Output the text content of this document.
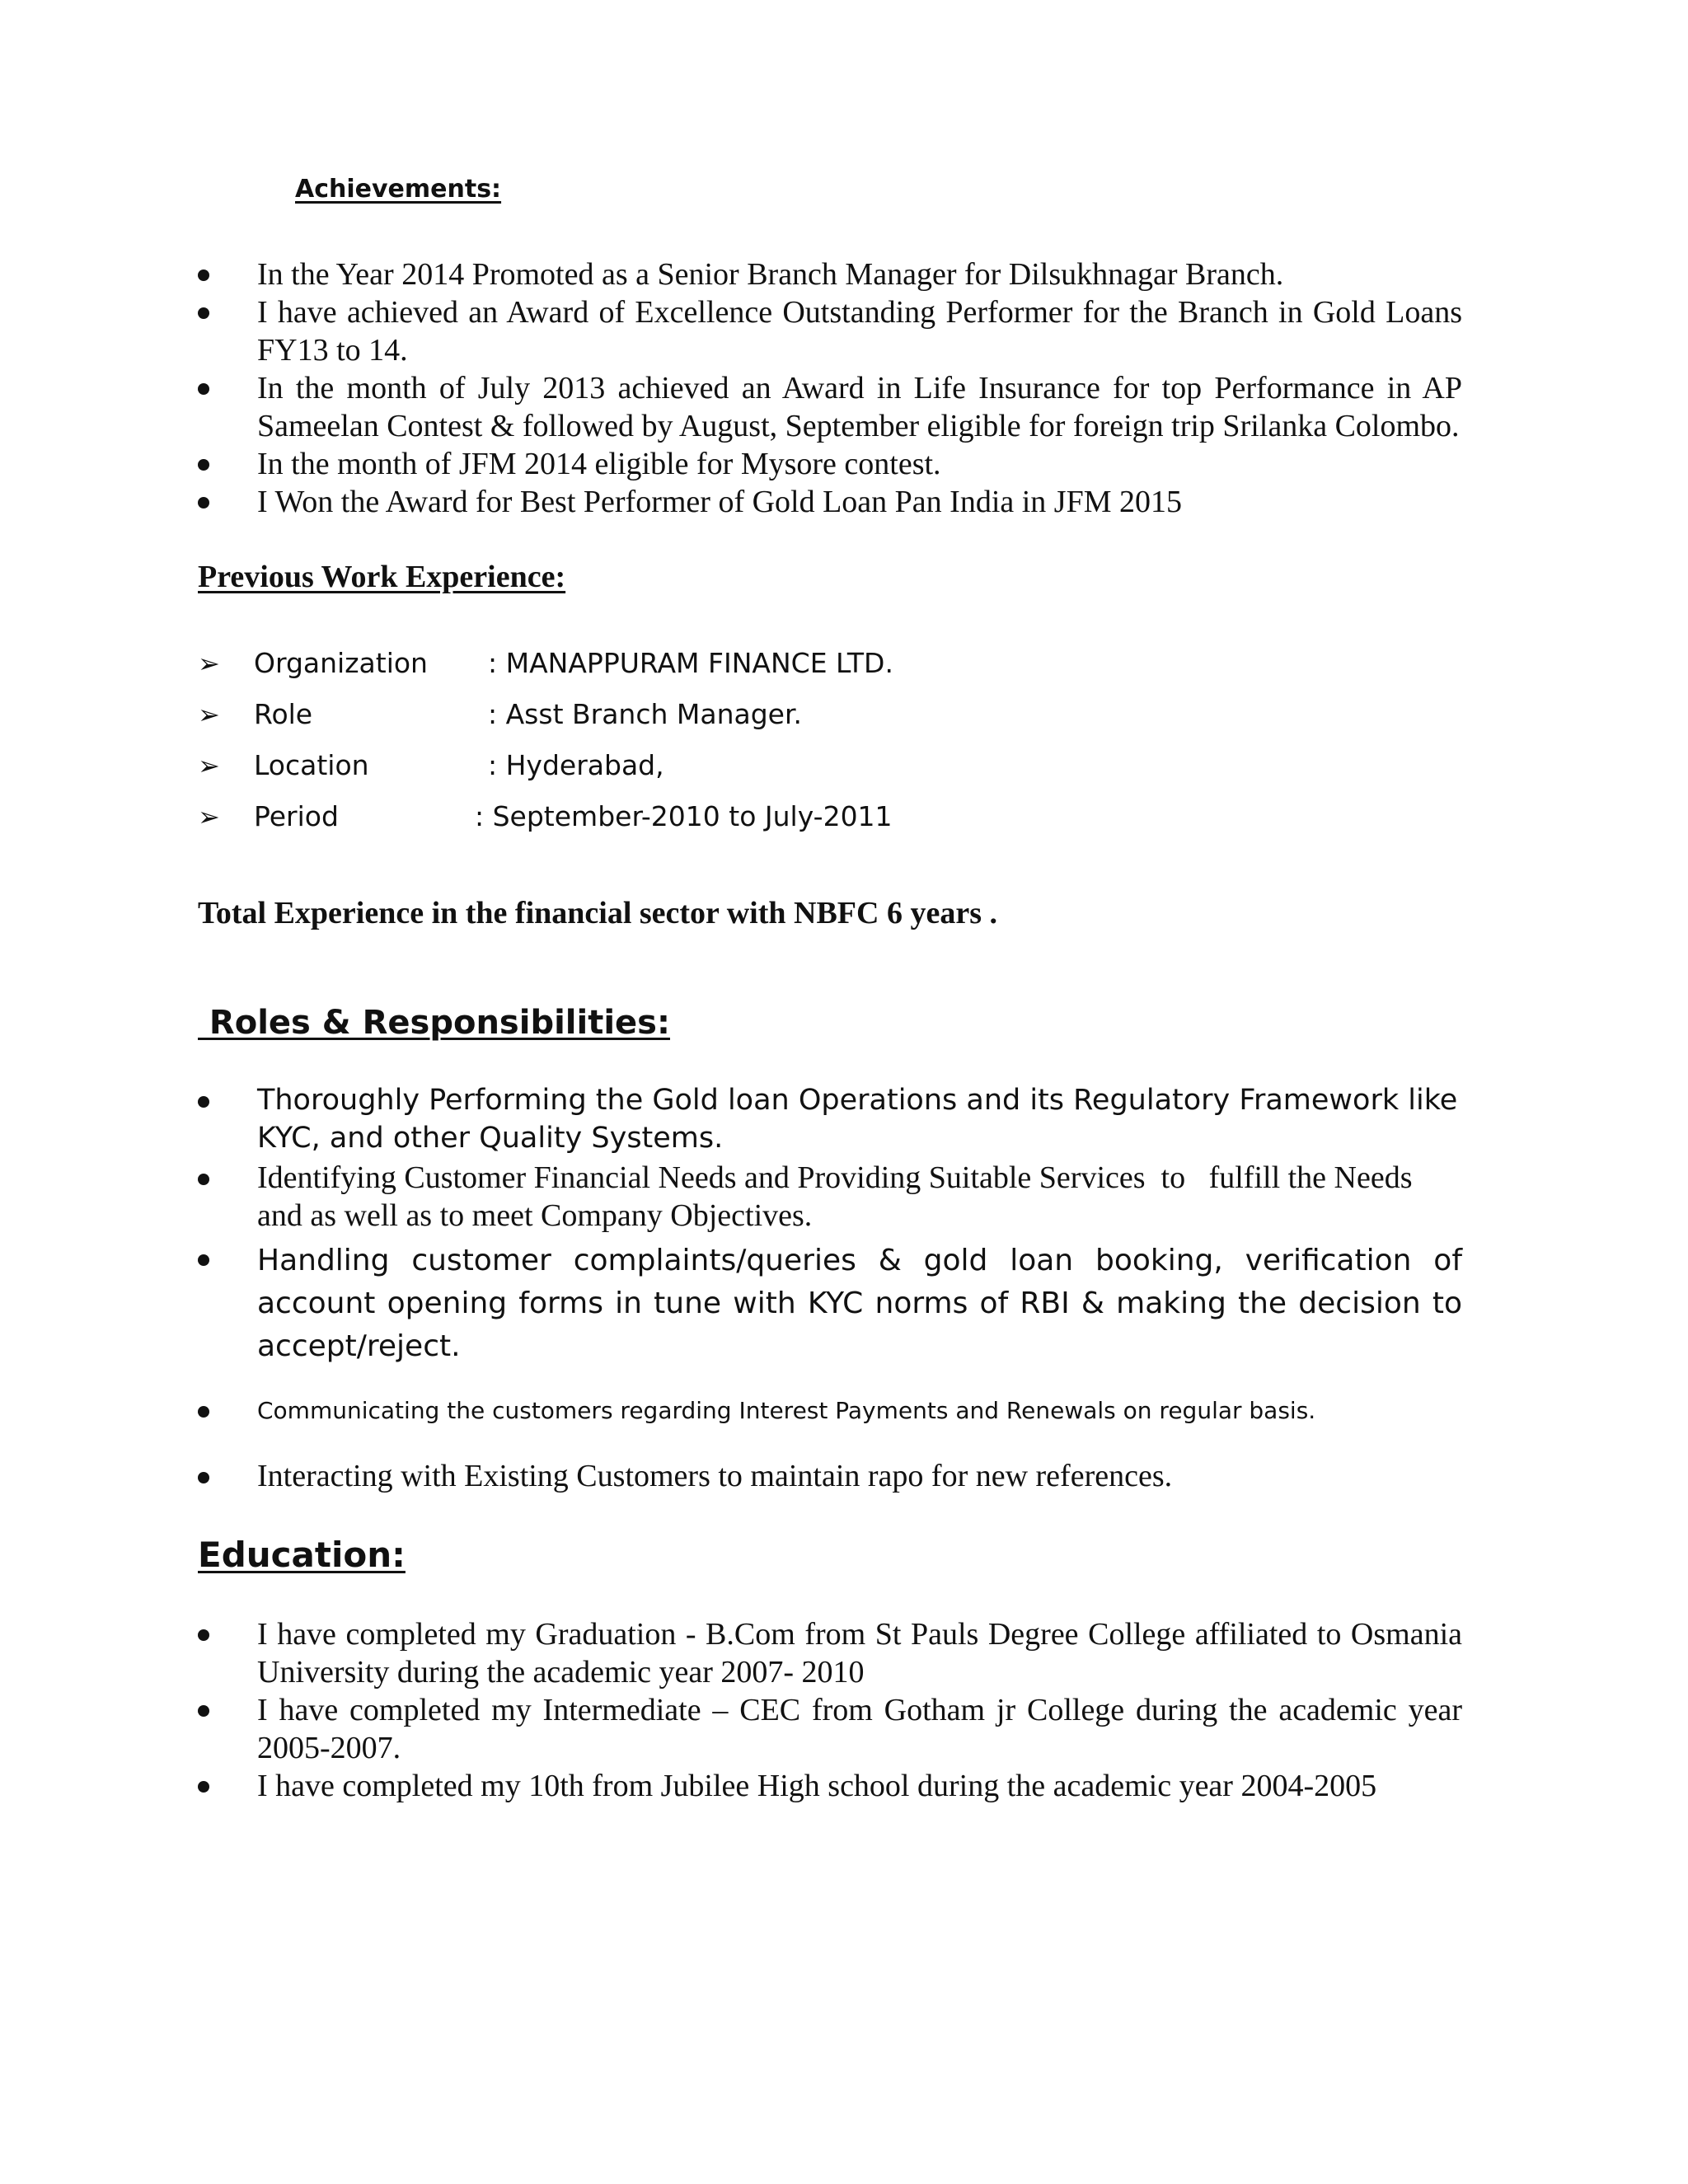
Achievements:
In the Year 2014 Promoted as a Senior Branch Manager for Dilsukhnagar Branch.
I have achieved an Award of Excellence Outstanding Performer for the Branch in Gold Loans FY13 to 14.
In the month of July 2013 achieved an Award in Life Insurance for top Performance in AP Sameelan Contest & followed by August, September eligible for foreign trip Srilanka Colombo.
In the month of JFM 2014 eligible for Mysore contest.
I Won the Award for Best Performer of Gold Loan Pan India in JFM 2015
Previous Work Experience:
➢ Organization : MANAPPURAM FINANCE LTD.
➢ Role	: Asst Branch Manager.
➢ Location	: Hyderabad,
➢ Period	: September-2010 to July-2011
Total Experience in the financial sector with NBFC 6 years .
Roles & Responsibilities:
Thoroughly Performing the Gold loan Operations and its Regulatory Framework like KYC, and other Quality Systems.
Identifying Customer Financial Needs and Providing Suitable Services  to   fulfill the Needs and as well as to meet Company Objectives.
Handling customer complaints/queries & gold loan booking, verification of account opening forms in tune with KYC norms of RBI & making the decision to accept/reject.
Communicating the customers regarding Interest Payments and Renewals on regular basis.
Interacting with Existing Customers to maintain rapo for new references.
Education:
I have completed my Graduation - B.Com from St Pauls Degree College affiliated to Osmania University during the academic year 2007- 2010
I have completed my Intermediate – CEC from Gotham jr College during the academic year 2005-2007.
I have completed my 10th from Jubilee High school during the academic year 2004-2005
